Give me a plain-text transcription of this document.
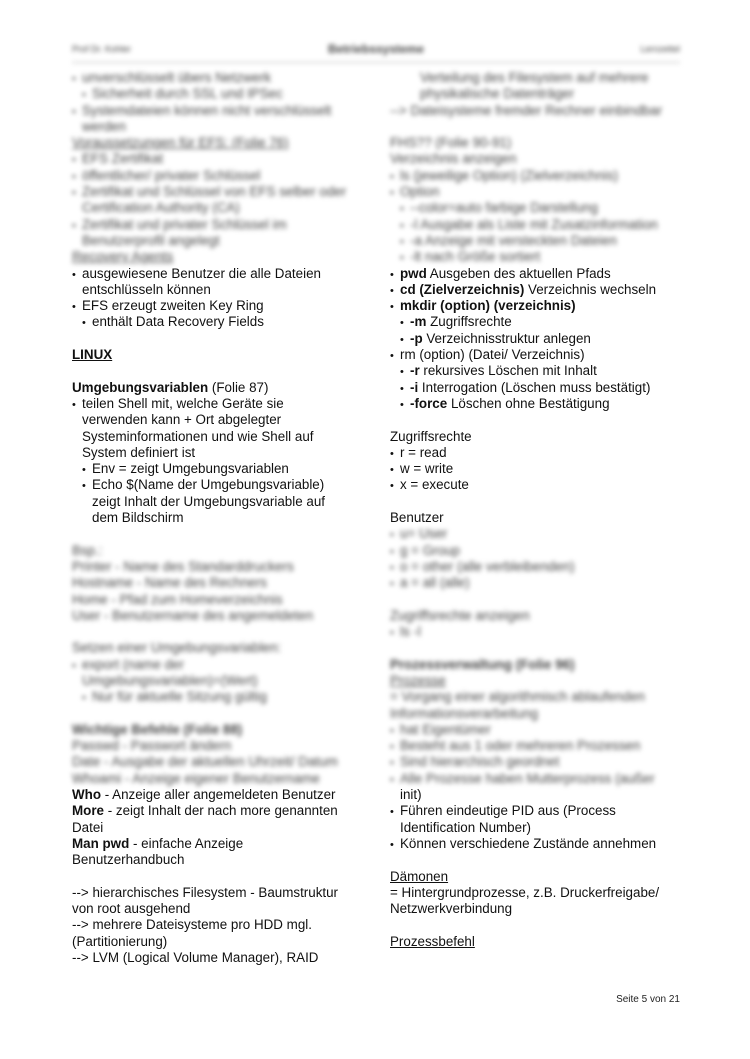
Prof Dr. Kohler	Betriebssysteme	Lernzettel
• unverschlüsselt übers Netzwerk
• Sicherheit durch SSL und IPSec
• Systemdateien können nicht verschlüsselt
werden
Voraussetzungen für EFS: (Folie 76)
• EFS Zertifikat
• öffentlicher/ privater Schlüssel
• Zertifikat und Schlüssel von EFS selber oder
Certification Authority (CA)
• Zertifikat und privater Schlüssel im
Benutzerprofil angelegt
Recovery Agents
• ausgewiesene Benutzer die alle Dateien
entschlüsseln können
• EFS erzeugt zweiten Key Ring
• enthält Data Recovery Fields
LINUX
Umgebungsvariablen (Folie 87)
• teilen Shell mit, welche Geräte sie
verwenden kann + Ort abgelegter
Systeminformationen und wie Shell auf
System definiert ist
• Env = zeigt Umgebungsvariablen
• Echo $(Name der Umgebungsvariable)
zeigt Inhalt der Umgebungsvariable auf
dem Bildschirm
Bsp.:
Printer - Name des Standarddruckers
Hostname - Name des Rechners
Home - Pfad zum Homeverzeichnis
User - Benutzername des angemeldeten
Setzen einer Umgebungsvariablen:
• export (name der
Umgebungsvariablen)=(Wert)
• Nur für aktuelle Sitzung gültig
Wichtige Befehle (Folie 88)
Passwd - Passwort ändern
Date - Ausgabe der aktuellen Uhrzeit/ Datum
Whoami - Anzeige eigener Benutzername
Who - Anzeige aller angemeldeten Benutzer
More - zeigt Inhalt der nach more genannten
Datei
Man pwd - einfache Anzeige
Benutzerhandbuch
--> hierarchisches Filesystem - Baumstruktur
von root ausgehend
--> mehrere Dateisysteme pro HDD mgl.
(Partitionierung)
--> LVM (Logical Volume Manager), RAID
Verteilung des Filesystem auf mehrere
physikalische Datenträger
--> Dateisysteme fremder Rechner einbindbar
FHS?? (Folie 90-91)
Verzeichnis anzeigen
• ls (jeweilige Option) (Zielverzeichnis)
• Option
• --color=auto farbige Darstellung
• -l Ausgabe als Liste mit Zusatzinformation
• -a Anzeige mit versteckten Dateien
• -lt nach Größe sortiert
• pwd Ausgeben des aktuellen Pfads
• cd (Zielverzeichnis) Verzeichnis wechseln
• mkdir (option) (verzeichnis)
• -m Zugriffsrechte
• -p Verzeichnisstruktur anlegen
• rm (option) (Datei/ Verzeichnis)
• -r rekursives Löschen mit Inhalt
• -i Interrogation (Löschen muss bestätigt)
• -force Löschen ohne Bestätigung
Zugriffsrechte
• r = read
• w = write
• x = execute
Benutzer
• u= User
• g = Group
• o = other (alle verbleibenden)
• a = all (alle)
Zugriffsrechte anzeigen
• ls -l
Prozessverwaltung (Folie 96)
Prozesse
= Vorgang einer algorithmisch ablaufenden
Informationsverarbeitung
• hat Eigentümer
• Besteht aus 1 oder mehreren Prozessen
• Sind hierarchisch geordnet
• Alle Prozesse haben Mutterprozess (außer
init)
• Führen eindeutige PID aus (Process
Identification Number)
• Können verschiedene Zustände annehmen
Dämonen
= Hintergrundprozesse, z.B. Druckerfreigabe/
Netzwerkverbindung
Prozessbefehl
Seite 5 von 21
